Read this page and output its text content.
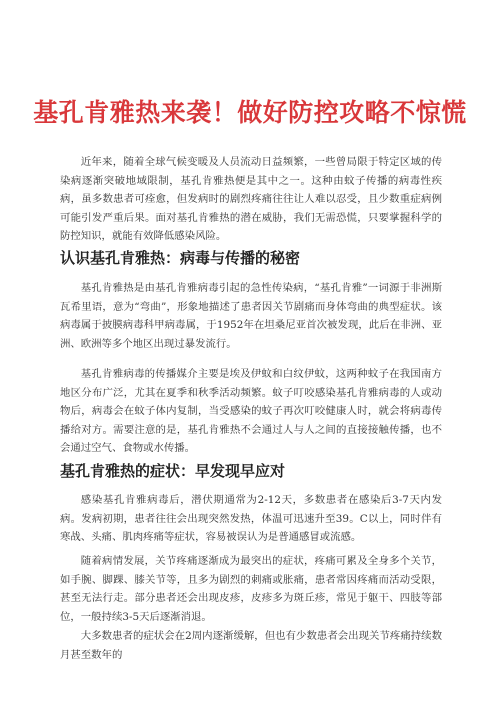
基孔肯雅热来袭！做好防控攻略不惊慌

近年来，随着全球气候变暖及人员流动日益频繁，一些曾局限于特定区域的传染病逐渐突破地域限制，基孔肯雅热便是其中之一。这种由蚊子传播的病毒性疾病，虽多数患者可痊愈，但发病时的剧烈疼痛往往让人难以忍受，且少数重症病例可能引发严重后果。面对基孔肯雅热的潜在威胁，我们无需恐慌，只要掌握科学的防控知识，就能有效降低感染风险。

认识基孔肯雅热：病毒与传播的秘密

基孔肯雅热是由基孔肯雅病毒引起的急性传染病，“基孔肯雅”一词源于非洲斯瓦希里语，意为“弯曲”，形象地描述了患者因关节剧痛而身体弯曲的典型症状。该病毒属于披膜病毒科甲病毒属，于1952年在坦桑尼亚首次被发现，此后在非洲、亚洲、欧洲等多个地区出现过暴发流行。

基孔肯雅病毒的传播媒介主要是埃及伊蚊和白纹伊蚊，这两种蚊子在我国南方地区分布广泛，尤其在夏季和秋季活动频繁。蚊子叮咬感染基孔肯雅病毒的人或动物后，病毒会在蚊子体内复制，当受感染的蚊子再次叮咬健康人时，就会将病毒传播给对方。需要注意的是，基孔肯雅热不会通过人与人之间的直接接触传播，也不会通过空气、食物或水传播。

基孔肯雅热的症状：早发现早应对

感染基孔肯雅病毒后，潜伏期通常为2-12天，多数患者在感染后3-7天内发病。发病初期，患者往往会出现突然发热，体温可迅速升至39。C以上，同时伴有寒战、头痛、肌肉疼痛等症状，容易被误认为是普通感冒或流感。

随着病情发展，关节疼痛逐渐成为最突出的症状，疼痛可累及全身多个关节，如手腕、脚踝、膝关节等，且多为剧烈的刺痛或胀痛，患者常因疼痛而活动受限，甚至无法行走。部分患者还会出现皮疹，皮疹多为斑丘疹，常见于躯干、四肢等部位，一般持续3-5天后逐渐消退。

大多数患者的症状会在2周内逐渐缓解，但也有少数患者会出现关节疼痛持续数月甚至数年的
